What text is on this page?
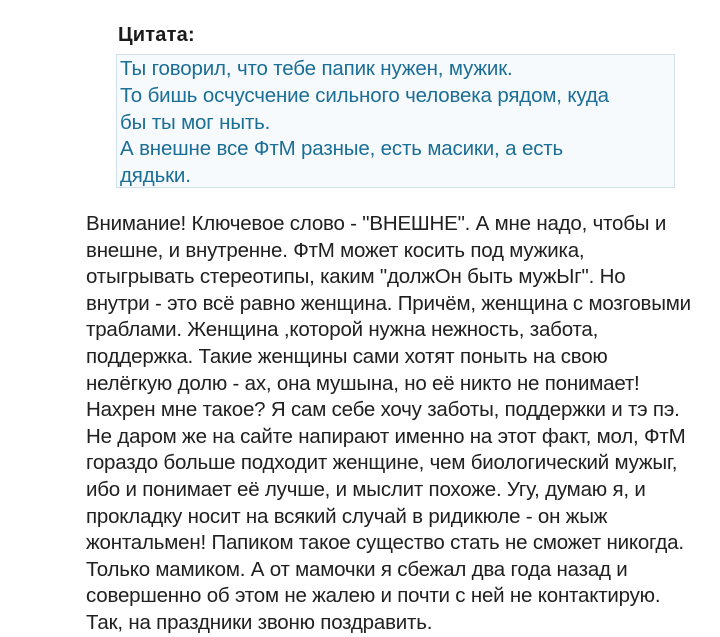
Цитата:
Ты говорил, что тебе папик нужен, мужик.
То бишь осчусчение сильного человека рядом, куда
бы ты мог ныть.
А внешне все ФтМ разные, есть масики, а есть
дядьки.
Внимание! Ключевое слово - "ВНЕШНЕ". А мне надо, чтобы и
внешне, и внутренне. ФтМ может косить под мужика,
отыгрывать стереотипы, каким "должОн быть мужЫг". Но
внутри - это всё равно женщина. Причём, женщина с мозговыми
траблами. Женщина ,которой нужна нежность, забота,
поддержка. Такие женщины сами хотят поныть на свою
нелёгкую долю - ах, она мушына, но её никто не понимает!
Нахрен мне такое? Я сам себе хочу заботы, поддержки и тэ пэ.
Не даром же на сайте напирают именно на этот факт, мол, ФтМ
гораздо больше подходит женщине, чем биологический мужыг,
ибо и понимает её лучше, и мыслит похоже. Угу, думаю я, и
прокладку носит на всякий случай в ридикюле - он жыж
жонтальмен! Папиком такое существо стать не сможет никогда.
Только мамиком. А от мамочки я сбежал два года назад и
совершенно об этом не жалею и почти с ней не контактирую.
Так, на праздники звоню поздравить.
